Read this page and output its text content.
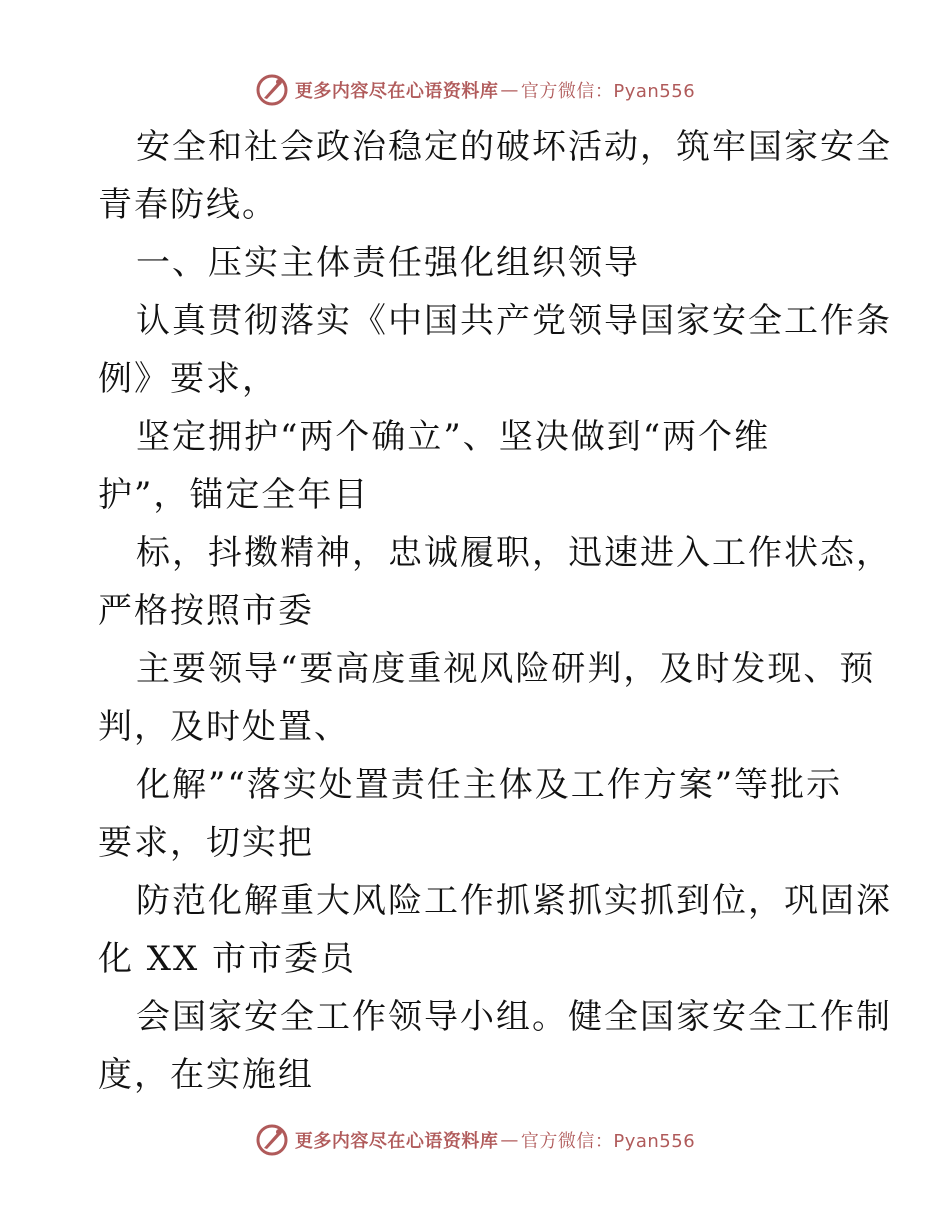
更多内容尽在心语资料库 — 官方微信：Pyan556
安全和社会政治稳定的破坏活动，筑牢国家安全
青春防线。
一、压实主体责任强化组织领导
认真贯彻落实《中国共产党领导国家安全工作条
例》要求，
坚定拥护“两个确立”、坚决做到“两个维
护”，锚定全年目
标，抖擞精神，忠诚履职，迅速进入工作状态，
严格按照市委
主要领导“要高度重视风险研判，及时发现、预
判，及时处置、
化解”“落实处置责任主体及工作方案”等批示
要求，切实把
防范化解重大风险工作抓紧抓实抓到位，巩固深
化 XX 市市委员
会国家安全工作领导小组。健全国家安全工作制
度，在实施组
更多内容尽在心语资料库 — 官方微信：Pyan556
